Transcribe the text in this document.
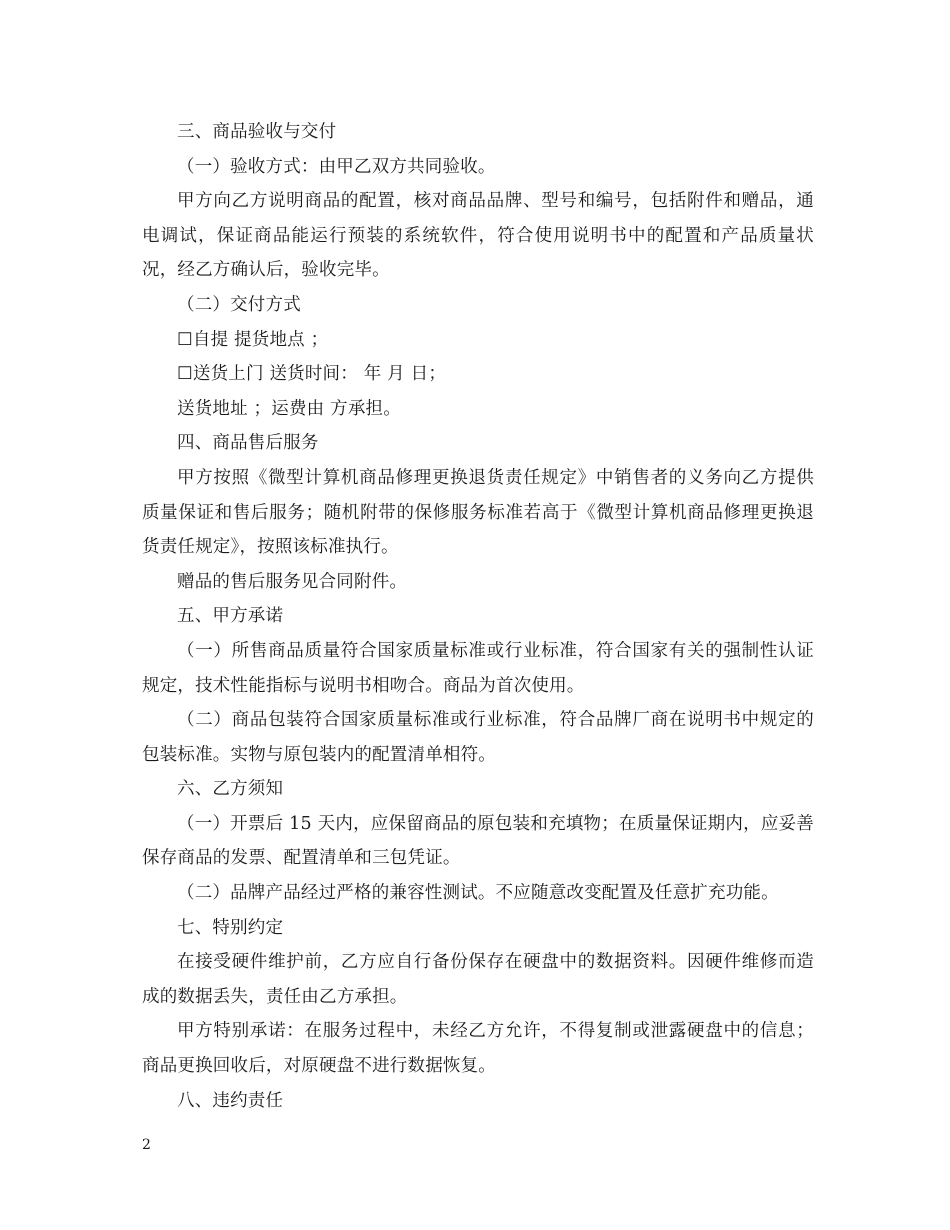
三、商品验收与交付

（一）验收方式：由甲乙双方共同验收。

甲方向乙方说明商品的配置，核对商品品牌、型号和编号，包括附件和赠品，通电调试，保证商品能运行预装的系统软件，符合使用说明书中的配置和产品质量状况，经乙方确认后，验收完毕。

（二）交付方式

☐自提 提货地点 ；

☐送货上门 送货时间： 年 月 日；

送货地址 ；运费由 方承担。

四、商品售后服务

甲方按照《微型计算机商品修理更换退货责任规定》中销售者的义务向乙方提供质量保证和售后服务；随机附带的保修服务标准若高于《微型计算机商品修理更换退货责任规定》，按照该标准执行。

赠品的售后服务见合同附件。

五、甲方承诺

（一）所售商品质量符合国家质量标准或行业标准，符合国家有关的强制性认证规定，技术性能指标与说明书相吻合。商品为首次使用。

（二）商品包装符合国家质量标准或行业标准，符合品牌厂商在说明书中规定的包装标准。实物与原包装内的配置清单相符。

六、乙方须知

（一）开票后 15 天内，应保留商品的原包装和充填物；在质量保证期内，应妥善保存商品的发票、配置清单和三包凭证。

（二）品牌产品经过严格的兼容性测试。不应随意改变配置及任意扩充功能。

七、特别约定

在接受硬件维护前，乙方应自行备份保存在硬盘中的数据资料。因硬件维修而造成的数据丢失，责任由乙方承担。

甲方特别承诺：在服务过程中，未经乙方允许，不得复制或泄露硬盘中的信息；商品更换回收后，对原硬盘不进行数据恢复。

八、违约责任

2
